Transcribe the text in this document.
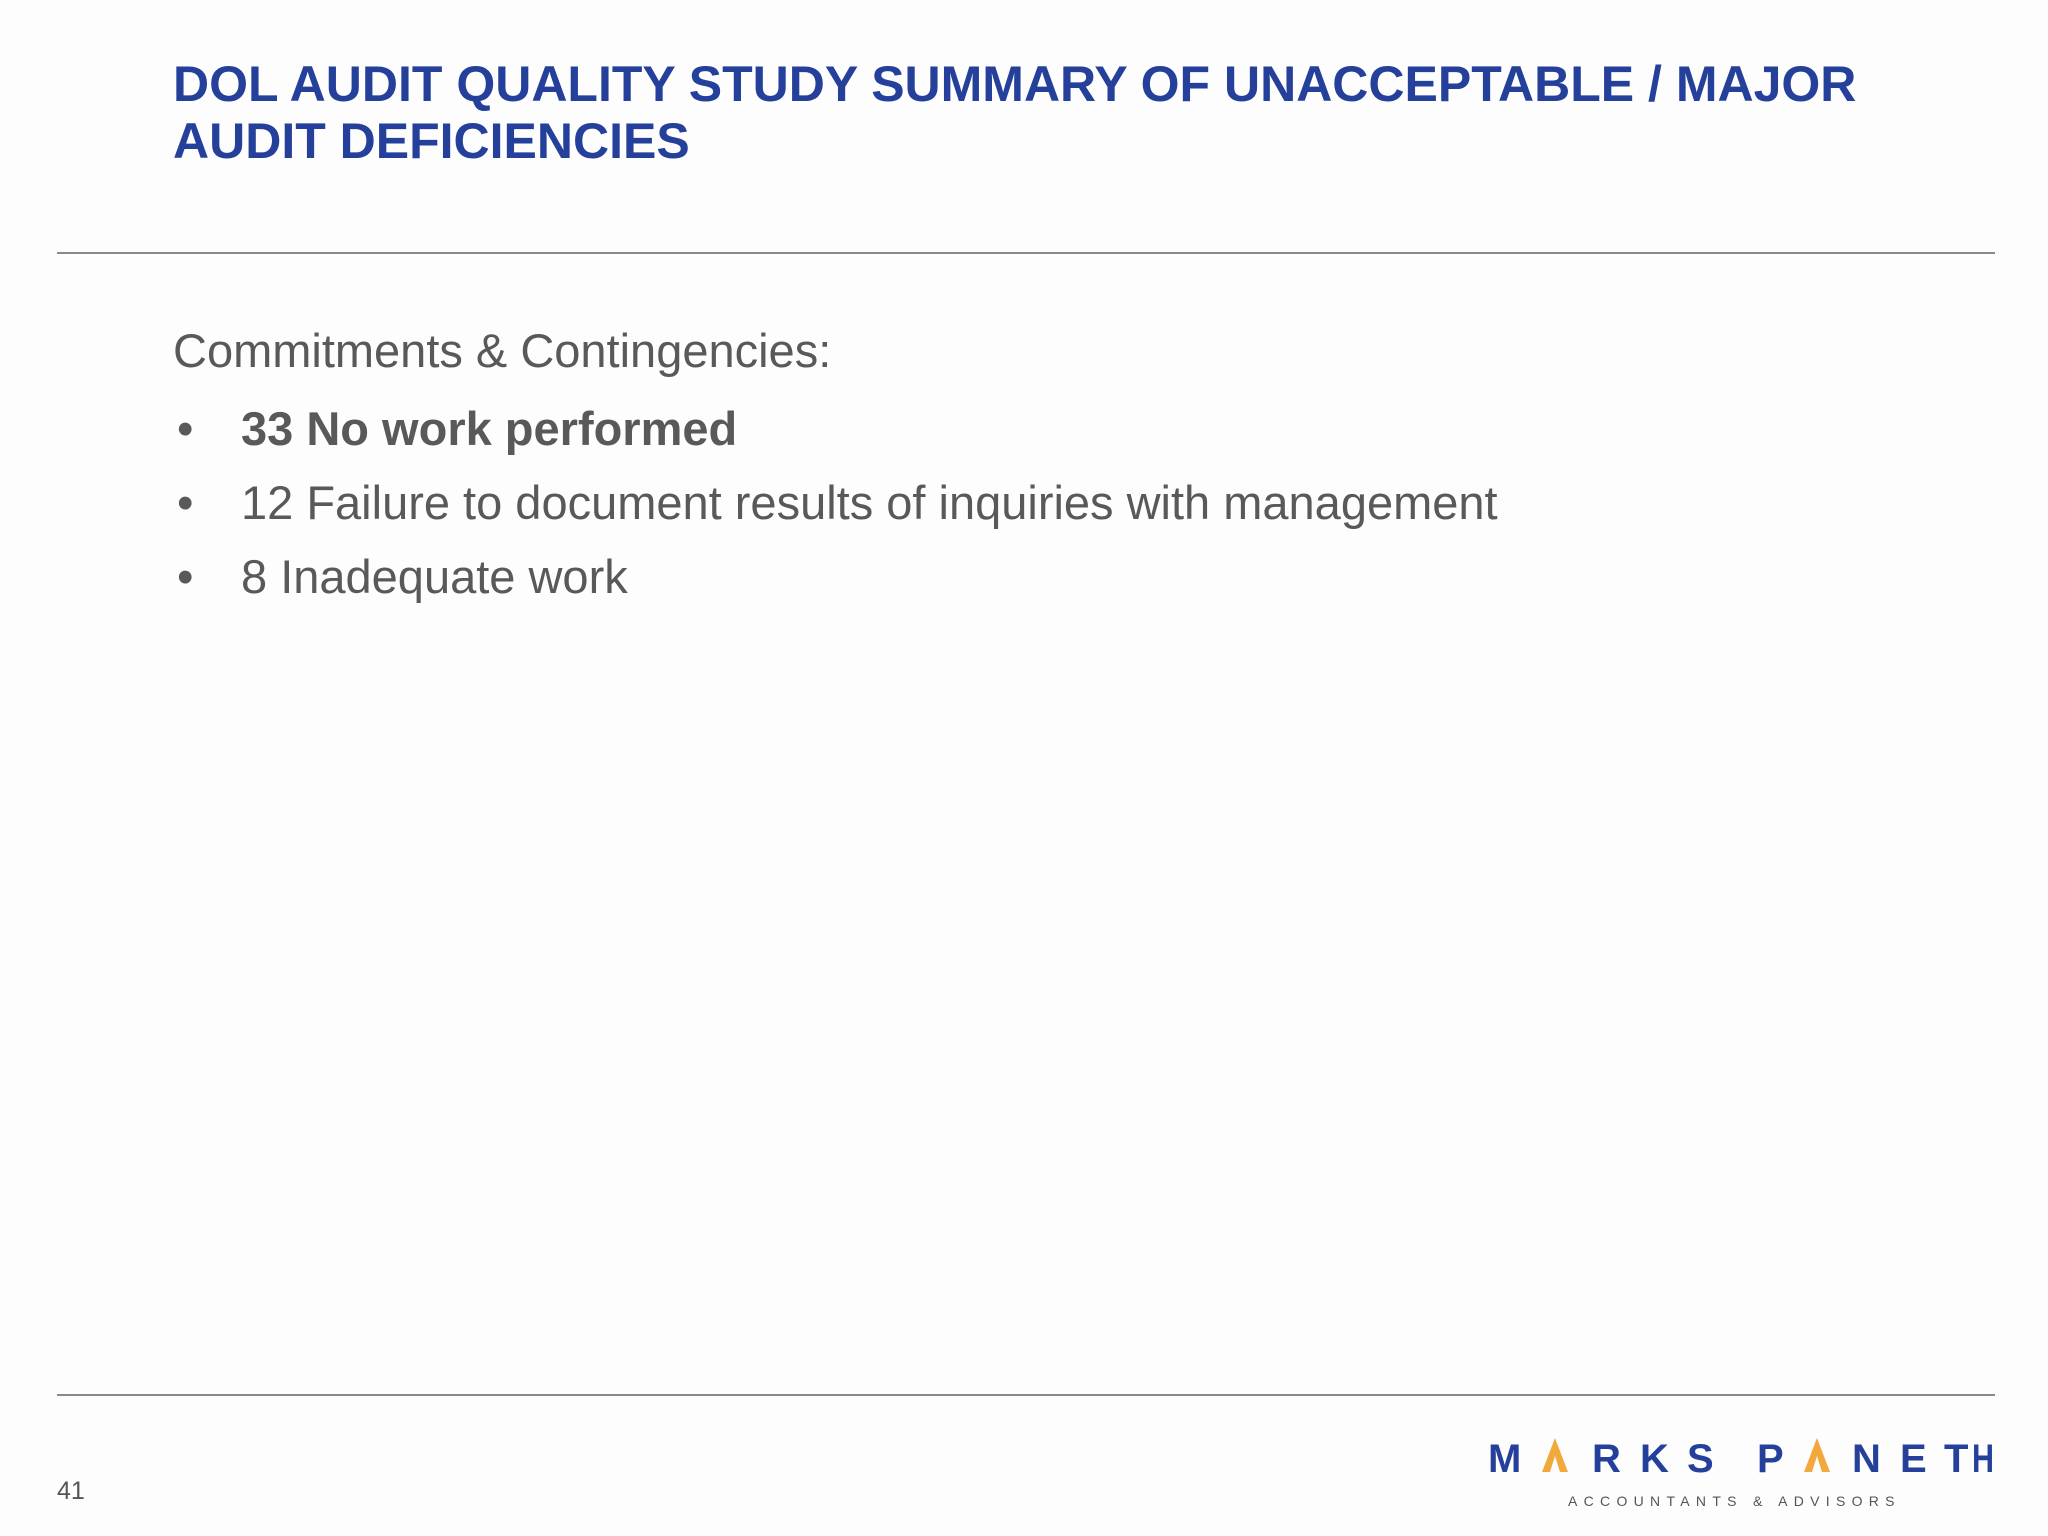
DOL AUDIT QUALITY STUDY SUMMARY OF UNACCEPTABLE / MAJOR
AUDIT DEFICIENCIES

Commitments & Contingencies:

•	33 No work performed
•	12 Failure to document results of inquiries with management
•	8 Inadequate work
41
M R K S P N E T H
ACCOUNTANTS & ADVISORS
